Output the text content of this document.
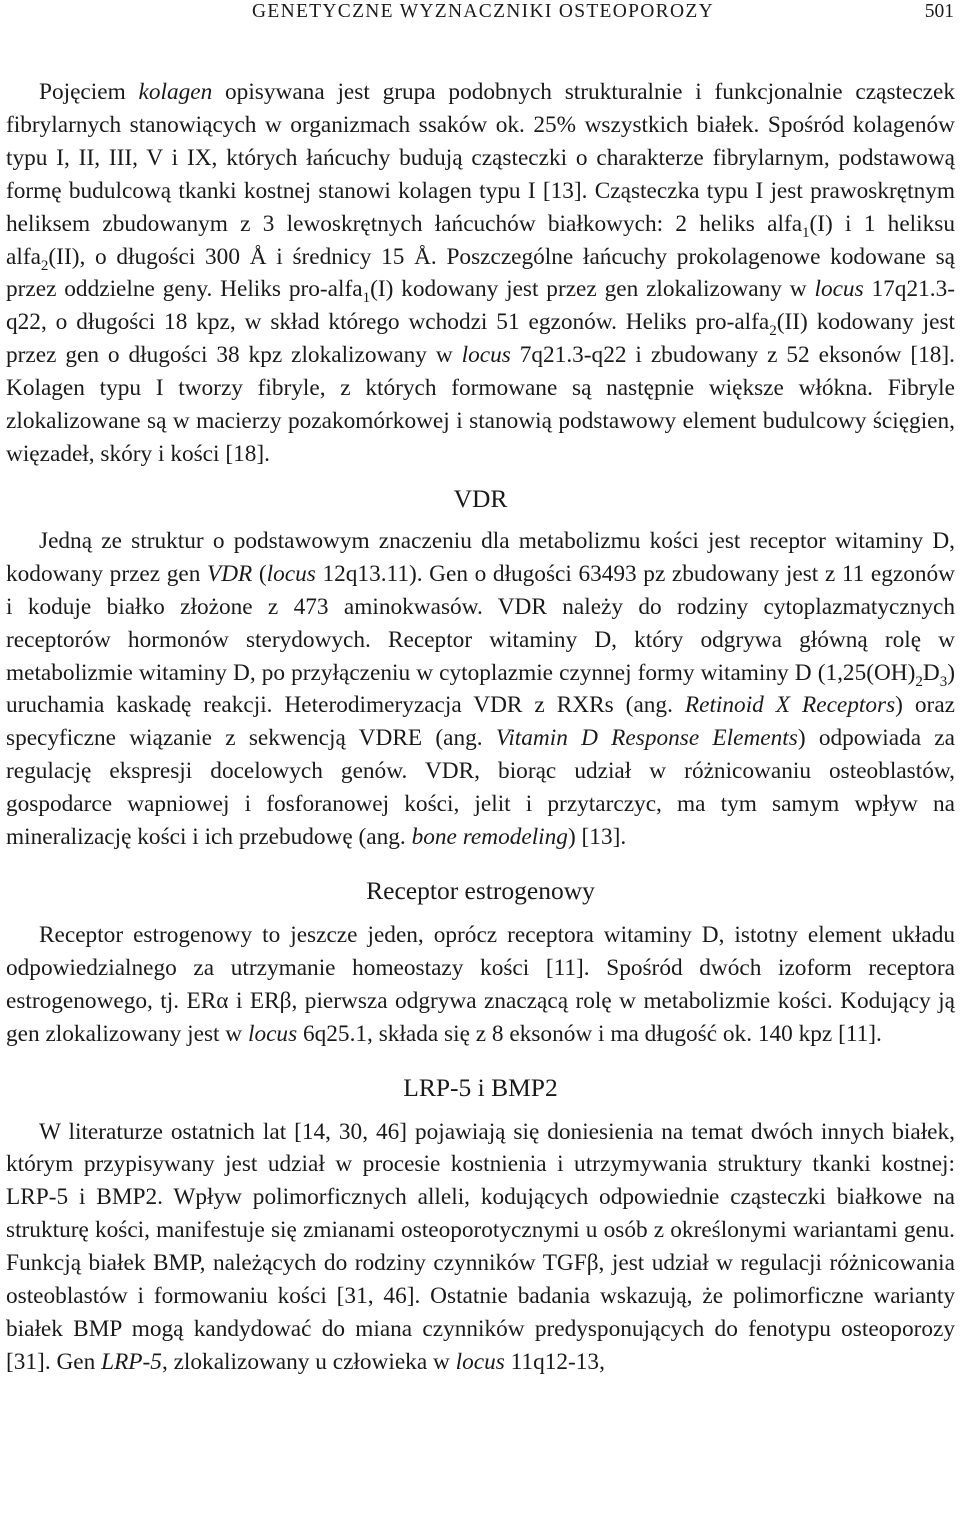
GENETYCZNE WYZNACZNIKI OSTEOPOROZY	501

Pojęciem kolagen opisywana jest grupa podobnych strukturalnie i funkcjonalnie cząsteczek fibrylarnych stanowiących w organizmach ssaków ok. 25% wszystkich białek. Spośród kolagenów typu I, II, III, V i IX, których łańcuchy budują cząsteczki o charakterze fibrylarnym, podstawową formę budulcową tkanki kostnej stanowi kolagen typu I [13]. Cząsteczka typu I jest prawoskrętnym heliksem zbudowanym z 3 lewoskrętnych łańcuchów białkowych: 2 heliks alfa$_1$(I) i 1 heliksu alfa$_2$(II), o długości 300 Å i średnicy 15 Å. Poszczególne łańcuchy prokolagenowe kodowane są przez oddzielne geny. Heliks pro-alfa$_1$(I) kodowany jest przez gen zlokalizowany w locus 17q21.3-q22, o długości 18 kpz, w skład którego wchodzi 51 egzonów. Heliks pro-alfa$_2$(II) kodowany jest przez gen o długości 38 kpz zlokalizowany w locus 7q21.3-q22 i zbudowany z 52 eksonów [18]. Kolagen typu I tworzy fibryle, z których formowane są następnie większe włókna. Fibryle zlokalizowane są w macierzy pozakomórkowej i stanowią podstawowy element budulcowy ścięgien, więzadeł, skóry i kości [18].

VDR

Jedną ze struktur o podstawowym znaczeniu dla metabolizmu kości jest receptor witaminy D, kodowany przez gen VDR (locus 12q13.11). Gen o długości 63493 pz zbudowany jest z 11 egzonów i koduje białko złożone z 473 aminokwasów. VDR należy do rodziny cytoplazmatycznych receptorów hormonów sterydowych. Receptor witaminy D, który odgrywa główną rolę w metabolizmie witaminy D, po przyłączeniu w cytoplazmie czynnej formy witaminy D $(1,25(OH)_2D_3)$ uruchamia kaskadę reakcji. Heterodimeryzacja VDR z RXRs (ang. Retinoid X Receptors) oraz specyficzne wiązanie z sekwencją VDRE (ang. Vitamin D Response Elements) odpowiada za regulację ekspresji docelowych genów. VDR, biorąc udział w różnicowaniu osteoblastów, gospodarce wapniowej i fosforanowej kości, jelit i przytarczyc, ma tym samym wpływ na mineralizację kości i ich przebudowę (ang. bone remodeling) [13].

Receptor estrogenowy

Receptor estrogenowy to jeszcze jeden, oprócz receptora witaminy D, istotny element układu odpowiedzialnego za utrzymanie homeostazy kości [11]. Spośród dwóch izoform receptora estrogenowego, tj. ERα i ERβ, pierwsza odgrywa znaczącą rolę w metabolizmie kości. Kodujący ją gen zlokalizowany jest w locus 6q25.1, składa się z 8 eksonów i ma długość ok. 140 kpz [11].

LRP-5 i BMP2

W literaturze ostatnich lat [14, 30, 46] pojawiają się doniesienia na temat dwóch innych białek, którym przypisywany jest udział w procesie kostnienia i utrzymywania struktury tkanki kostnej: LRP-5 i BMP2. Wpływ polimorficznych alleli, kodujących odpowiednie cząsteczki białkowe na strukturę kości, manifestuje się zmianami osteoporotycznymi u osób z określonymi wariantami genu. Funkcją białek BMP, należących do rodziny czynników TGFβ, jest udział w regulacji różnicowania osteoblastów i formowaniu kości [31, 46]. Ostatnie badania wskazują, że polimorficzne warianty białek BMP mogą kandydować do miana czynników predysponujących do fenotypu osteoporozy [31]. Gen LRP-5, zlokalizowany u człowieka w locus 11q12-13,
